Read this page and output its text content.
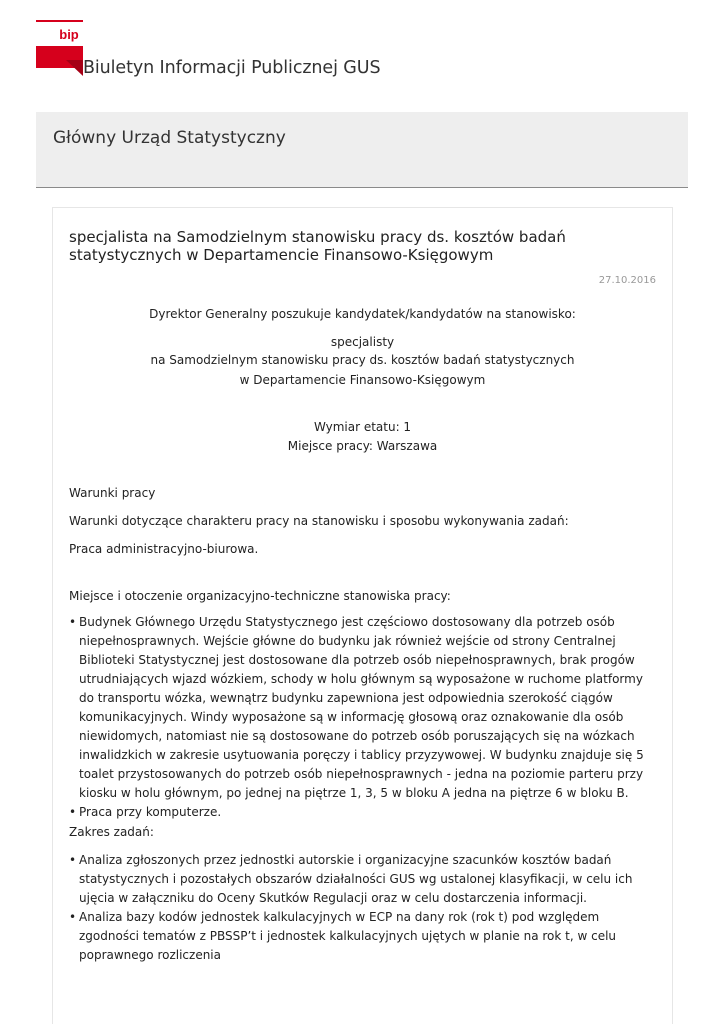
bip
Biuletyn Informacji Publicznej GUS
Główny Urząd Statystyczny
specjalista na Samodzielnym stanowisku pracy ds. kosztów badań statystycznych w Departamencie Finansowo-Księgowym
27.10.2016
Dyrektor Generalny poszukuje kandydatek/kandydatów na stanowisko:
specjalisty
na Samodzielnym stanowisku pracy ds. kosztów badań statystycznych
w Departamencie Finansowo-Księgowym
Wymiar etatu: 1
Miejsce pracy: Warszawa
Warunki pracy
Warunki dotyczące charakteru pracy na stanowisku i sposobu wykonywania zadań:
Praca administracyjno-biurowa.
Miejsce i otoczenie organizacyjno-techniczne stanowiska pracy:
• Budynek Głównego Urzędu Statystycznego jest częściowo dostosowany dla potrzeb osób niepełnosprawnych. Wejście główne do budynku jak również wejście od strony Centralnej Biblioteki Statystycznej jest dostosowane dla potrzeb osób niepełnosprawnych, brak progów utrudniających wjazd wózkiem, schody w holu głównym są wyposażone w ruchome platformy do transportu wózka, wewnątrz budynku zapewniona jest odpowiednia szerokość ciągów komunikacyjnych. Windy wyposażone są w informację głosową oraz oznakowanie dla osób niewidomych, natomiast nie są dostosowane do potrzeb osób poruszających się na wózkach inwalidzkich w zakresie usytuowania poręczy i tablicy przyzywowej. W budynku znajduje się 5 toalet przystosowanych do potrzeb osób niepełnosprawnych - jedna na poziomie parteru przy kiosku w holu głównym, po jednej na piętrze 1, 3, 5 w bloku A jedna na piętrze 6 w bloku B.
• Praca przy komputerze.
Zakres zadań:
• Analiza zgłoszonych przez jednostki autorskie i organizacyjne szacunków kosztów badań statystycznych i pozostałych obszarów działalności GUS wg ustalonej klasyfikacji, w celu ich ujęcia w załączniku do Oceny Skutków Regulacji oraz w celu dostarczenia informacji.
• Analiza bazy kodów jednostek kalkulacyjnych w ECP na dany rok (rok t) pod względem zgodności tematów z PBSSP’t i jednostek kalkulacyjnych ujętych w planie na rok t, w celu poprawnego rozliczenia
